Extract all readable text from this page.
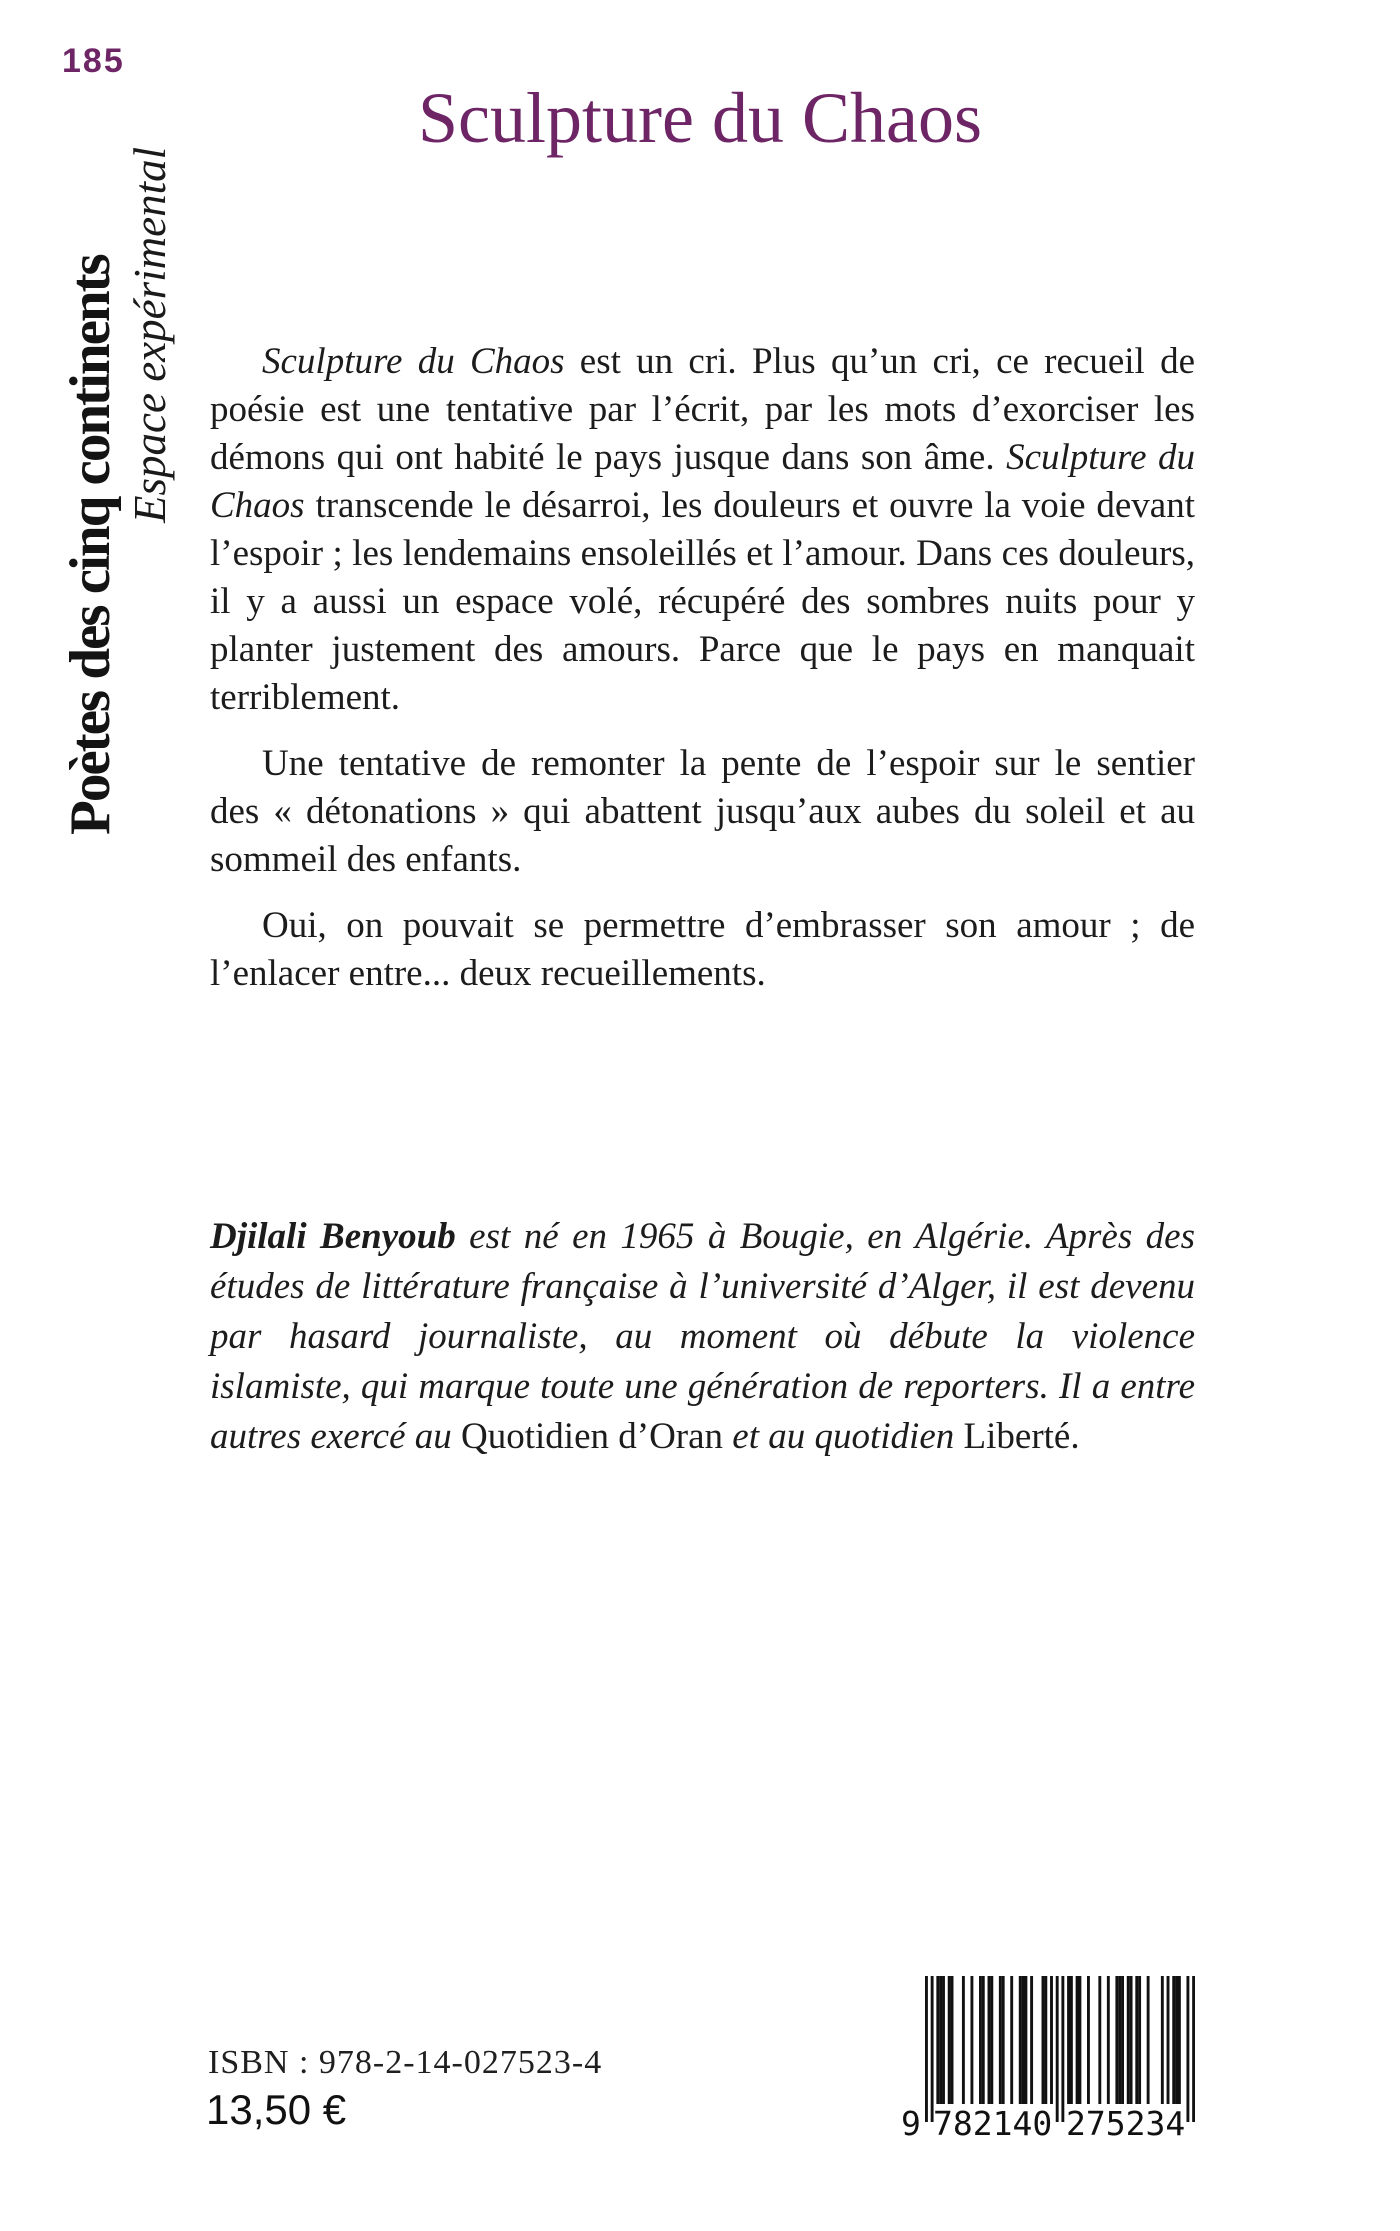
185
Poètes des cinq continents Espace expérimental
Sculpture du Chaos

Sculpture du Chaos est un cri. Plus qu’un cri, ce recueil de poésie est une tentative par l’écrit, par les mots d’exorciser les démons qui ont habité le pays jusque dans son âme. Sculpture du Chaos transcende le désarroi, les douleurs et ouvre la voie devant l’espoir ; les lendemains ensoleillés et l’amour. Dans ces douleurs, il y a aussi un espace volé, récupéré des sombres nuits pour y planter justement des amours. Parce que le pays en manquait terriblement.

Une tentative de remonter la pente de l’espoir sur le sentier des « détonations » qui abattent jusqu’aux aubes du soleil et au sommeil des enfants.

Oui, on pouvait se permettre d’embrasser son amour ; de l’enlacer entre... deux recueillements.

Djilali Benyoub est né en 1965 à Bougie, en Algérie. Après des études de littérature française à l’université d’Alger, il est devenu par hasard journaliste, au moment où débute la violence islamiste, qui marque toute une génération de reporters. Il a entre autres exercé au Quotidien d’Oran et au quotidien Liberté.
ISBN : 978-2-14-027523-4
13,50 €	9 782140 275234
